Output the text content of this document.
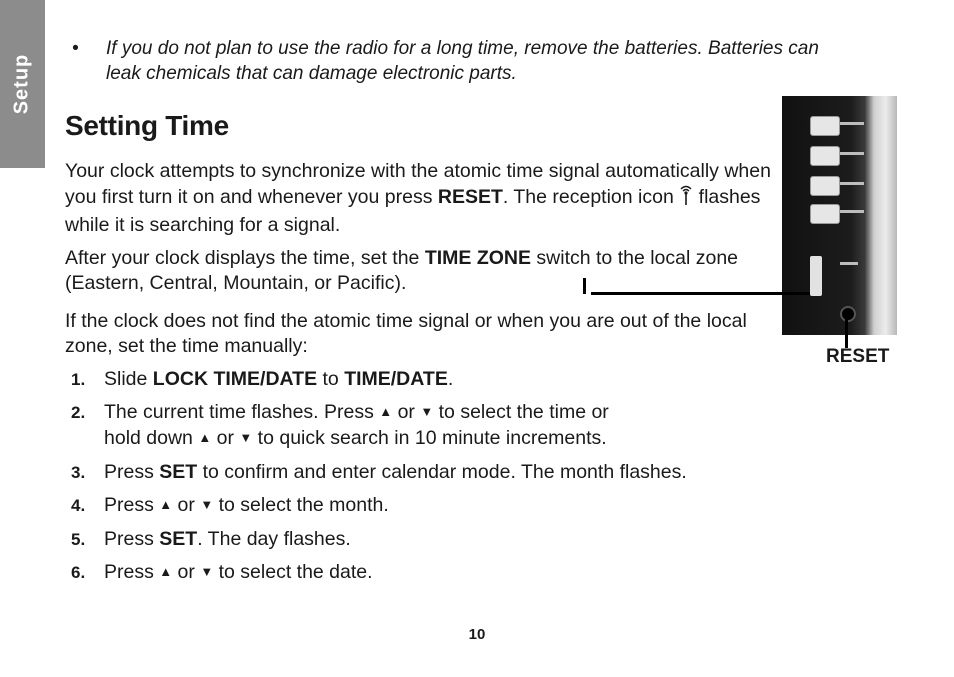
Setup
• If you do not plan to use the radio for a long time, remove the batteries. Batteries can leak chemicals that can damage electronic parts.
Setting Time

Your clock attempts to synchronize with the atomic time signal automatically when you first turn it on and whenever you press RESET. The reception icon  flashes while it is searching for a signal.

After your clock displays the time, set the TIME ZONE switch to the local zone (Eastern, Central, Mountain, or Pacific).

If the clock does not find the atomic time signal or when you are out of the local zone, set the time manually:

1. Slide LOCK TIME/DATE to TIME/DATE.
2. The current time flashes. Press ▲ or ▼ to select the time or
hold down ▲ or ▼ to quick search in 10 minute increments.
3. Press SET to confirm and enter calendar mode. The month flashes.
4. Press ▲ or ▼ to select the month.
5. Press SET. The day flashes.
6. Press ▲ or ▼ to select the date.
RESET
10
